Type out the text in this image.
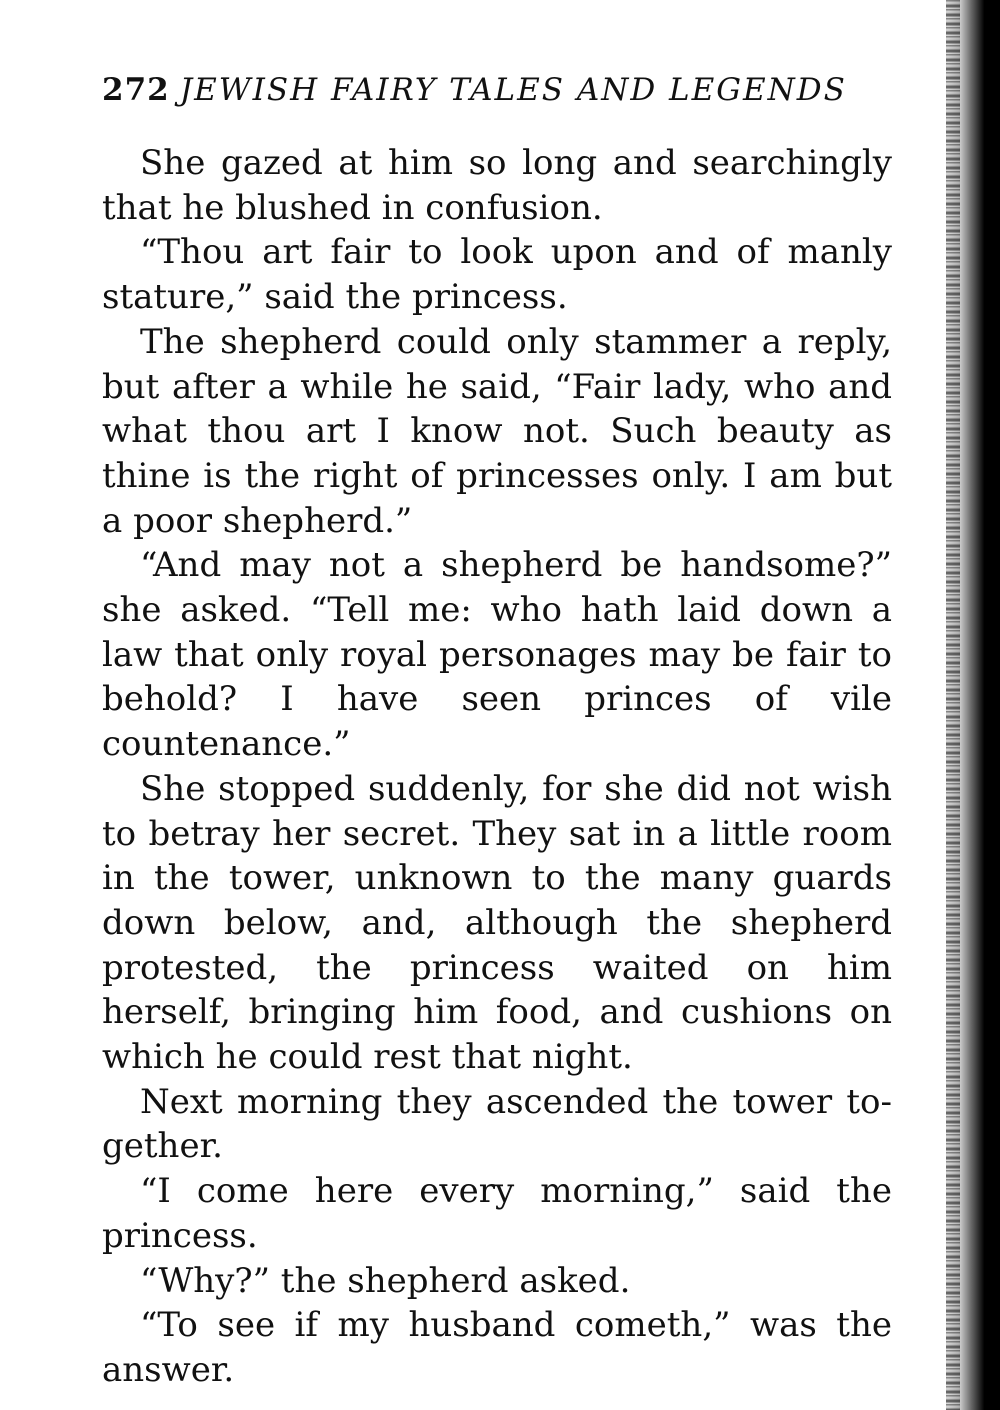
272 JEWISH FAIRY TALES AND LEGENDS

She gazed at him so long and searchingly that he blushed in confusion.

“Thou art fair to look upon and of manly stature,” said the princess.

The shepherd could only stammer a reply, but after a while he said, “Fair lady, who and what thou art I know not. Such beauty as thine is the right of princesses only. I am but a poor shepherd.”

“And may not a shepherd be handsome?” she asked. “Tell me: who hath laid down a law that only royal personages may be fair to behold? I have seen princes of vile countenance.”

She stopped suddenly, for she did not wish to betray her secret. They sat in a little room in the tower, unknown to the many guards down below, and, although the shepherd protested, the princess waited on him herself, bringing him food, and cushions on which he could rest that night.

Next morning they ascended the tower together.

“I come here every morning,” said the princess.

“Why?” the shepherd asked.

“To see if my husband cometh,” was the answer.
